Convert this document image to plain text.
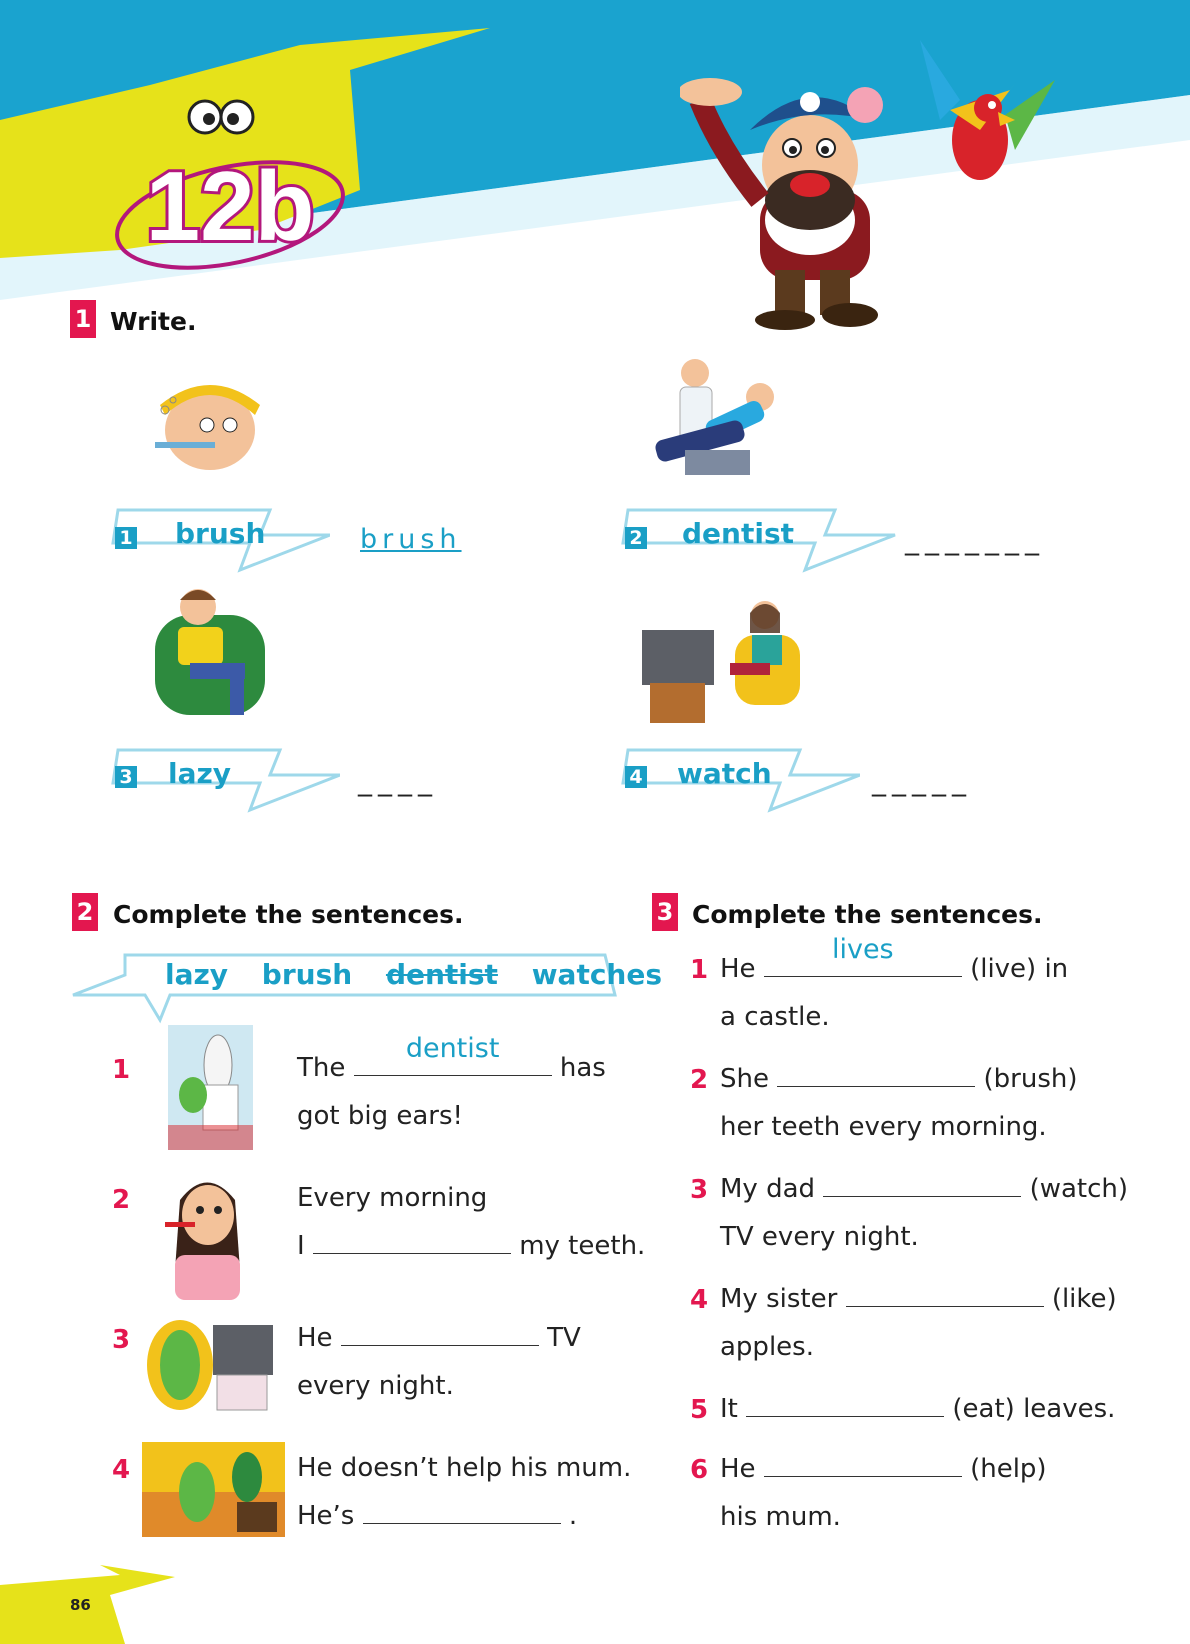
12b
1 Write.
1 brush	brush	2 dentist	_______
3 lazy	____	4 watch	_____
2 Complete the sentences.
lazy brush dentist watches
1	The
dentist
has
got big ears!
2	Every morning
I	my teeth.
3	He	TV
every night.
4	He doesn’t help his mum.
He’s	.
3 Complete the sentences.
1 He
lives
(live) in
a castle.
2 She	(brush)
her teeth every morning.
3 My dad	(watch)
TV every night.
4 My sister	(like)
apples.
5 It	(eat) leaves.
6 He	(help)
his mum.
86
